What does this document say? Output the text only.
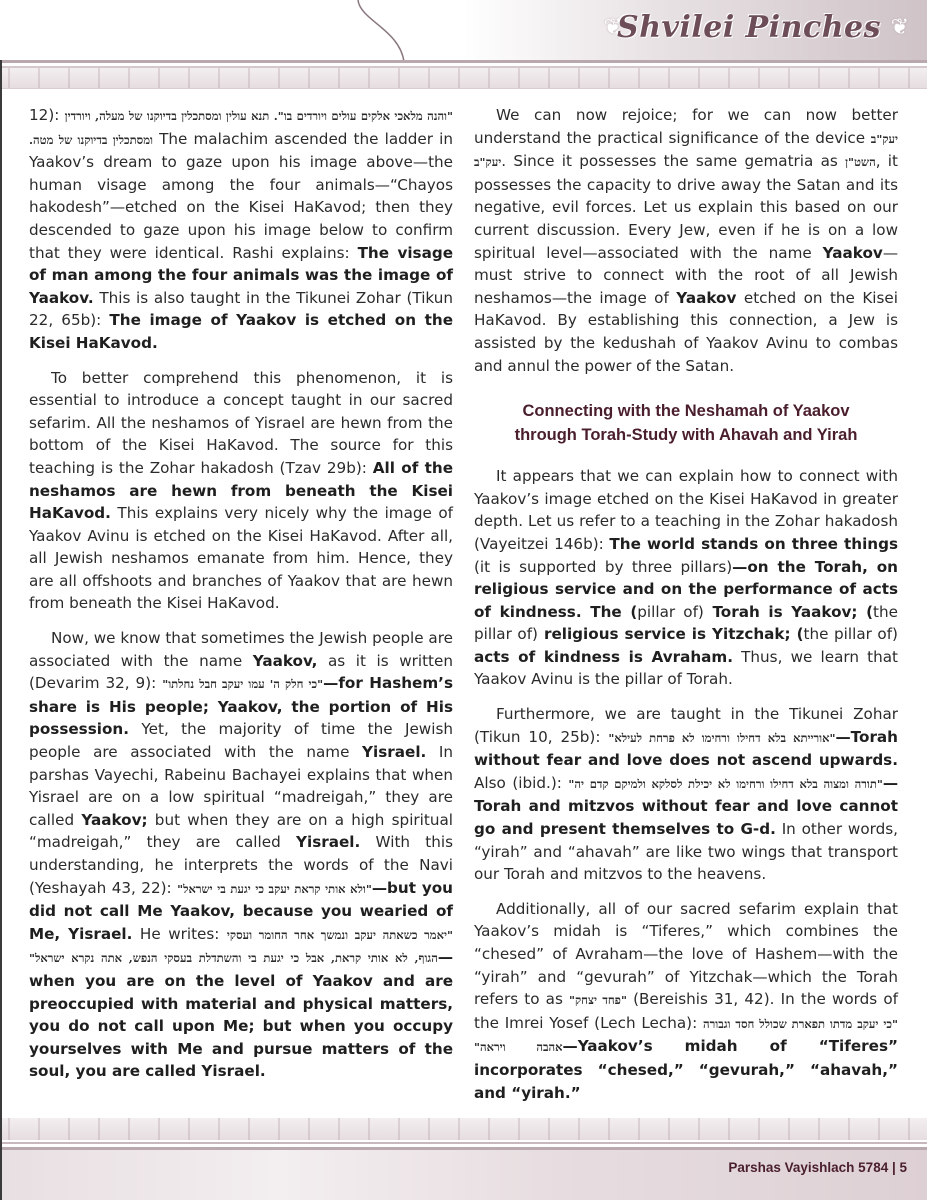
❦
Shvilei Pinches ❦

12): "והנה מלאכי אלקים עולים ויורדים בו". תנא עולין ומסתכלין בדיוקנו של מעלה, ויורדין ומסתכלין בדיוקנו של מטה. The malachim ascended the ladder in Yaakov’s dream to gaze upon his image above—the human visage among the four animals—“Chayos hakodesh”—etched on the Kisei HaKavod; then they descended to gaze upon his image below to confirm that they were identical. Rashi explains: The visage of man among the four animals was the image of Yaakov. This is also taught in the Tikunei Zohar (Tikun 22, 65b): The image of Yaakov is etched on the Kisei HaKavod.

To better comprehend this phenomenon, it is essential to introduce a concept taught in our sacred sefarim. All the neshamos of Yisrael are hewn from the bottom of the Kisei HaKavod. The source for this teaching is the Zohar hakadosh (Tzav 29b): All of the neshamos are hewn from beneath the Kisei HaKavod. This explains very nicely why the image of Yaakov Avinu is etched on the Kisei HaKavod. After all, all Jewish neshamos emanate from him. Hence, they are all offshoots and branches of Yaakov that are hewn from beneath the Kisei HaKavod.

Now, we know that sometimes the Jewish people are associated with the name Yaakov, as it is written (Devarim 32, 9): "כי חלק ה' עמו יעקב חבל נחלתו"—for Hashem’s share is His people; Yaakov, the portion of His possession. Yet, the majority of time the Jewish people are associated with the name Yisrael. In parshas Vayechi, Rabeinu Bachayei explains that when Yisrael are on a low spiritual “madreigah,” they are called Yaakov; but when they are on a high spiritual “madreigah,” they are called Yisrael. With this understanding, he interprets the words of the Navi (Yeshayah 43, 22): "ולא אותי קראת יעקב כי יגעת בי ישראל"—but you did not call Me Yaakov, because you wearied of Me, Yisrael. He writes: "יאמר כשאתה יעקב ונמשך אחר החומר ועסקי הגוף, לא אותי קראת, אבל כי יגעת בי והשתדלת בעסקי הנפש, אתה נקרא ישראל"—when you are on the level of Yaakov and are preoccupied with material and physical matters, you do not call upon Me; but when you occupy yourselves with Me and pursue matters of the soul, you are called Yisrael.

We can now rejoice; for we can now better understand the practical significance of the device יעק"ב יעק"ב. Since it possesses the same gematria as השט"ן, it possesses the capacity to drive away the Satan and its negative, evil forces. Let us explain this based on our current discussion. Every Jew, even if he is on a low spiritual level—associated with the name Yaakov—must strive to connect with the root of all Jewish neshamos—the image of Yaakov etched on the Kisei HaKavod. By establishing this connection, a Jew is assisted by the kedushah of Yaakov Avinu to combas and annul the power of the Satan.

Connecting with the Neshamah of Yaakov
through Torah-Study with Ahavah and Yirah

It appears that we can explain how to connect with Yaakov’s image etched on the Kisei HaKavod in greater depth. Let us refer to a teaching in the Zohar hakadosh (Vayeitzei 146b): The world stands on three things (it is supported by three pillars)—on the Torah, on religious service and on the performance of acts of kindness. The (pillar of) Torah is Yaakov; (the pillar of) religious service is Yitzchak; (the pillar of) acts of kindness is Avraham. Thus, we learn that Yaakov Avinu is the pillar of Torah.

Furthermore, we are taught in the Tikunei Zohar (Tikun 10, 25b): "אורייתא בלא דחילו ורחימו לא פרחת לעילא"—Torah without fear and love does not ascend upwards. Also (ibid.): "תורה ומצוה בלא דחילו ורחימו לא יכילת לסלקא ולמיקם קדם יה"—Torah and mitzvos without fear and love cannot go and present themselves to G-d. In other words, “yirah” and “ahavah” are like two wings that transport our Torah and mitzvos to the heavens.

Additionally, all of our sacred sefarim explain that Yaakov’s midah is “Tiferes,” which combines the “chesed” of Avraham—the love of Hashem—with the “yirah” and “gevurah” of Yitzchak—which the Torah refers to as "פחד יצחק" (Bereishis 31, 42). In the words of the Imrei Yosef (Lech Lecha): "כי יעקב מדתו תפארת שכולל חסד וגבורה אהבה ויראה"—Yaakov’s midah of “Tiferes” incorporates “chesed,” “gevurah,” “ahavah,” and “yirah.”

Parshas Vayishlach 5784 | 5
